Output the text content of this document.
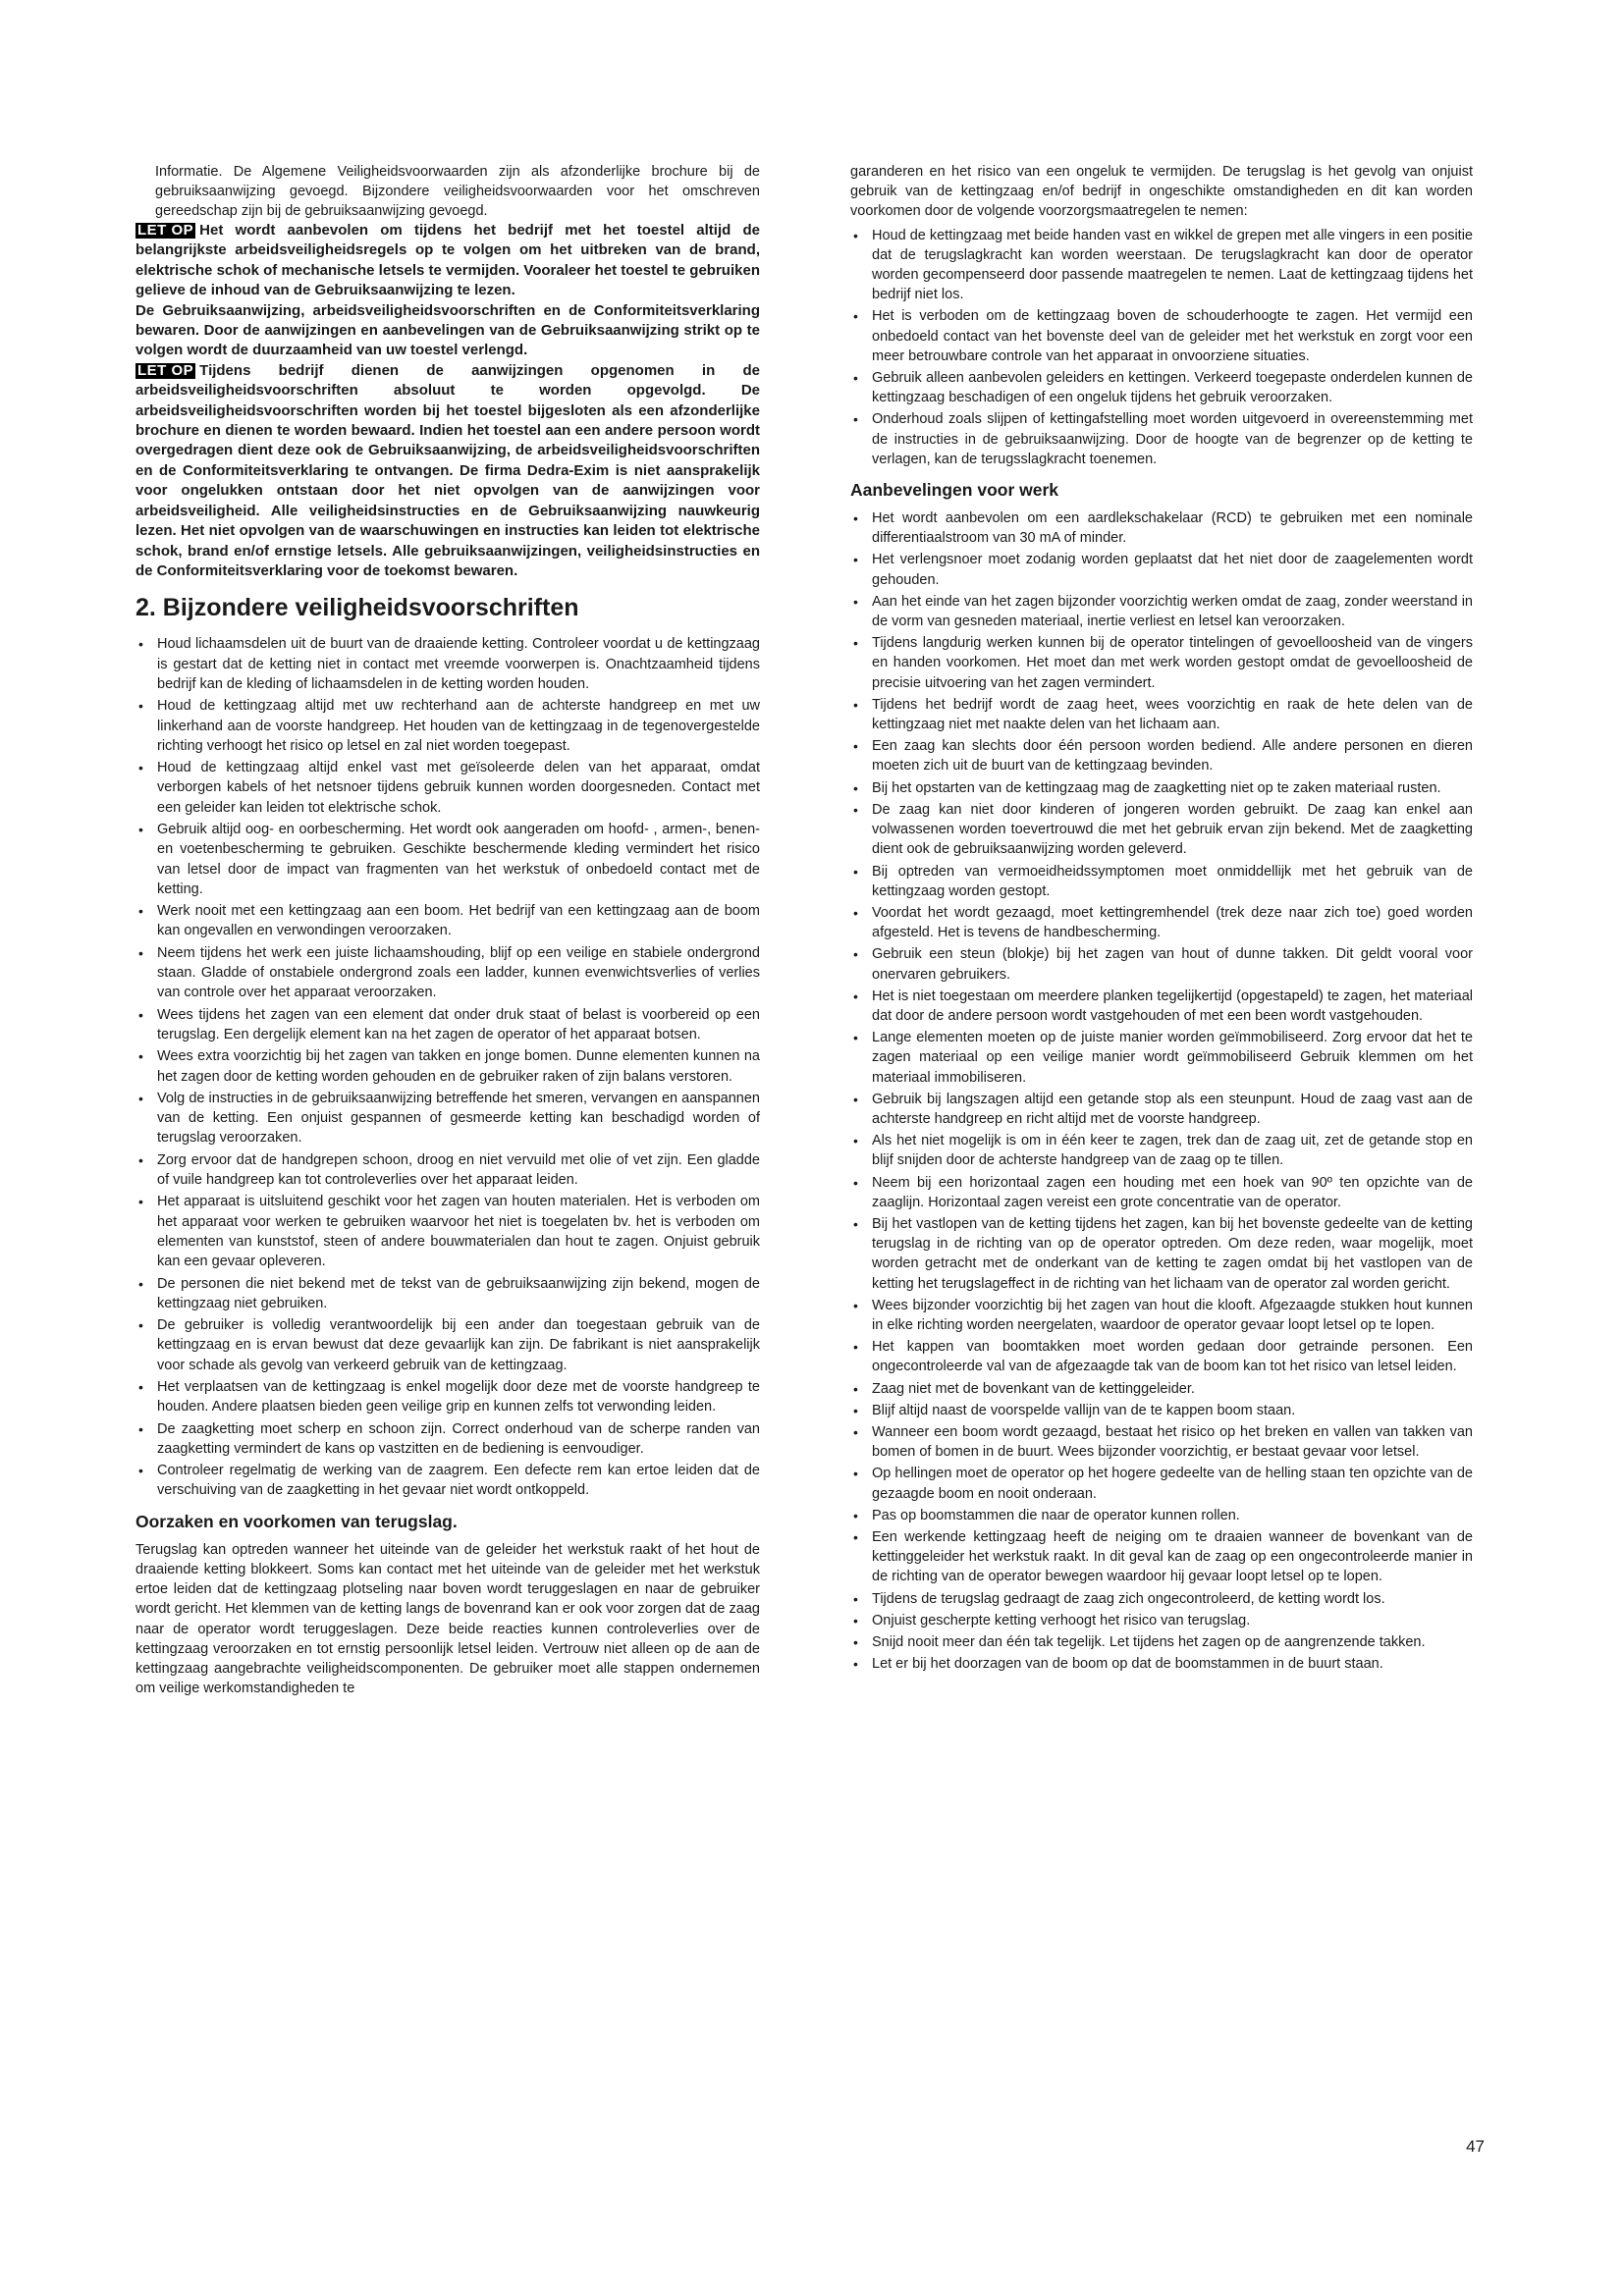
Informatie. De Algemene Veiligheidsvoorwaarden zijn als afzonderlijke brochure bij de gebruiksaanwijzing gevoegd. Bijzondere veiligheidsvoorwaarden voor het omschreven gereedschap zijn bij de gebruiksaanwijzing gevoegd.

LET OP Het wordt aanbevolen om tijdens het bedrijf met het toestel altijd de belangrijkste arbeidsveiligheidsregels op te volgen om het uitbreken van de brand, elektrische schok of mechanische letsels te vermijden. Vooraleer het toestel te gebruiken gelieve de inhoud van de Gebruiksaanwijzing te lezen.

De Gebruiksaanwijzing, arbeidsveiligheidsvoorschriften en de Conformiteitsverklaring bewaren. Door de aanwijzingen en aanbevelingen van de Gebruiksaanwijzing strikt op te volgen wordt de duurzaamheid van uw toestel verlengd.

LET OP Tijdens bedrijf dienen de aanwijzingen opgenomen in de arbeidsveiligheidsvoorschriften absoluut te worden opgevolgd. De arbeidsveiligheidsvoorschriften worden bij het toestel bijgesloten als een afzonderlijke brochure en dienen te worden bewaard. Indien het toestel aan een andere persoon wordt overgedragen dient deze ook de Gebruiksaanwijzing, de arbeidsveiligheidsvoorschriften en de Conformiteitsverklaring te ontvangen. De firma Dedra-Exim is niet aansprakelijk voor ongelukken ontstaan door het niet opvolgen van de aanwijzingen voor arbeidsveiligheid. Alle veiligheidsinstructies en de Gebruiksaanwijzing nauwkeurig lezen. Het niet opvolgen van de waarschuwingen en instructies kan leiden tot elektrische schok, brand en/of ernstige letsels. Alle gebruiksaanwijzingen, veiligheidsinstructies en de Conformiteitsverklaring voor de toekomst bewaren.

2. Bijzondere veiligheidsvoorschriften
• Houd lichaamsdelen uit de buurt van de draaiende ketting. Controleer voordat u de kettingzaag is gestart dat de ketting niet in contact met vreemde voorwerpen is. Onachtzaamheid tijdens bedrijf kan de kleding of lichaamsdelen in de ketting worden houden.
• Houd de kettingzaag altijd met uw rechterhand aan de achterste handgreep en met uw linkerhand aan de voorste handgreep. Het houden van de kettingzaag in de tegenovergestelde richting verhoogt het risico op letsel en zal niet worden toegepast.
• Houd de kettingzaag altijd enkel vast met geïsoleerde delen van het apparaat, omdat verborgen kabels of het netsnoer tijdens gebruik kunnen worden doorgesneden. Contact met een geleider kan leiden tot elektrische schok.
• Gebruik altijd oog- en oorbescherming. Het wordt ook aangeraden om hoofd- , armen-, benen- en voetenbescherming te gebruiken. Geschikte beschermende kleding vermindert het risico van letsel door de impact van fragmenten van het werkstuk of onbedoeld contact met de ketting.
• Werk nooit met een kettingzaag aan een boom. Het bedrijf van een kettingzaag aan de boom kan ongevallen en verwondingen veroorzaken.
• Neem tijdens het werk een juiste lichaamshouding, blijf op een veilige en stabiele ondergrond staan. Gladde of onstabiele ondergrond zoals een ladder, kunnen evenwichtsverlies of verlies van controle over het apparaat veroorzaken.
• Wees tijdens het zagen van een element dat onder druk staat of belast is voorbereid op een terugslag. Een dergelijk element kan na het zagen de operator of het apparaat botsen.
• Wees extra voorzichtig bij het zagen van takken en jonge bomen. Dunne elementen kunnen na het zagen door de ketting worden gehouden en de gebruiker raken of zijn balans verstoren.
• Volg de instructies in de gebruiksaanwijzing betreffende het smeren, vervangen en aanspannen van de ketting. Een onjuist gespannen of gesmeerde ketting kan beschadigd worden of terugslag veroorzaken.
• Zorg ervoor dat de handgrepen schoon, droog en niet vervuild met olie of vet zijn. Een gladde of vuile handgreep kan tot controleverlies over het apparaat leiden.
• Het apparaat is uitsluitend geschikt voor het zagen van houten materialen. Het is verboden om het apparaat voor werken te gebruiken waarvoor het niet is toegelaten bv. het is verboden om elementen van kunststof, steen of andere bouwmaterialen dan hout te zagen. Onjuist gebruik kan een gevaar opleveren.
• De personen die niet bekend met de tekst van de gebruiksaanwijzing zijn bekend, mogen de kettingzaag niet gebruiken.
• De gebruiker is volledig verantwoordelijk bij een ander dan toegestaan gebruik van de kettingzaag en is ervan bewust dat deze gevaarlijk kan zijn. De fabrikant is niet aansprakelijk voor schade als gevolg van verkeerd gebruik van de kettingzaag.
• Het verplaatsen van de kettingzaag is enkel mogelijk door deze met de voorste handgreep te houden. Andere plaatsen bieden geen veilige grip en kunnen zelfs tot verwonding leiden.
• De zaagketting moet scherp en schoon zijn. Correct onderhoud van de scherpe randen van zaagketting vermindert de kans op vastzitten en de bediening is eenvoudiger.
• Controleer regelmatig de werking van de zaagrem. Een defecte rem kan ertoe leiden dat de verschuiving van de zaagketting in het gevaar niet wordt ontkoppeld.
Oorzaken en voorkomen van terugslag.

Terugslag kan optreden wanneer het uiteinde van de geleider het werkstuk raakt of het hout de draaiende ketting blokkeert. Soms kan contact met het uiteinde van de geleider met het werkstuk ertoe leiden dat de kettingzaag plotseling naar boven wordt teruggeslagen en naar de gebruiker wordt gericht. Het klemmen van de ketting langs de bovenrand kan er ook voor zorgen dat de zaag naar de operator wordt teruggeslagen. Deze beide reacties kunnen controleverlies over de kettingzaag veroorzaken en tot ernstig persoonlijk letsel leiden. Vertrouw niet alleen op de aan de kettingzaag aangebrachte veiligheidscomponenten. De gebruiker moet alle stappen ondernemen om veilige werkomstandigheden te

garanderen en het risico van een ongeluk te vermijden. De terugslag is het gevolg van onjuist gebruik van de kettingzaag en/of bedrijf in ongeschikte omstandigheden en dit kan worden voorkomen door de volgende voorzorgsmaatregelen te nemen:

• Houd de kettingzaag met beide handen vast en wikkel de grepen met alle vingers in een positie dat de terugslagkracht kan worden weerstaan. De terugslagkracht kan door de operator worden gecompenseerd door passende maatregelen te nemen. Laat de kettingzaag tijdens het bedrijf niet los.
• Het is verboden om de kettingzaag boven de schouderhoogte te zagen. Het vermijd een onbedoeld contact van het bovenste deel van de geleider met het werkstuk en zorgt voor een meer betrouwbare controle van het apparaat in onvoorziene situaties.
• Gebruik alleen aanbevolen geleiders en kettingen. Verkeerd toegepaste onderdelen kunnen de kettingzaag beschadigen of een ongeluk tijdens het gebruik veroorzaken.
• Onderhoud zoals slijpen of kettingafstelling moet worden uitgevoerd in overeenstemming met de instructies in de gebruiksaanwijzing. Door de hoogte van de begrenzer op de ketting te verlagen, kan de terugsslagkracht toenemen.
Aanbevelingen voor werk
• Het wordt aanbevolen om een aardlekschakelaar (RCD) te gebruiken met een nominale differentiaalstroom van 30 mA of minder.
• Het verlengsnoer moet zodanig worden geplaatst dat het niet door de zaagelementen wordt gehouden.
• Aan het einde van het zagen bijzonder voorzichtig werken omdat de zaag, zonder weerstand in de vorm van gesneden materiaal, inertie verliest en letsel kan veroorzaken.
• Tijdens langdurig werken kunnen bij de operator tintelingen of gevoelloosheid van de vingers en handen voorkomen. Het moet dan met werk worden gestopt omdat de gevoelloosheid de precisie uitvoering van het zagen vermindert.
• Tijdens het bedrijf wordt de zaag heet, wees voorzichtig en raak de hete delen van de kettingzaag niet met naakte delen van het lichaam aan.
• Een zaag kan slechts door één persoon worden bediend. Alle andere personen en dieren moeten zich uit de buurt van de kettingzaag bevinden.
• Bij het opstarten van de kettingzaag mag de zaagketting niet op te zaken materiaal rusten.
• De zaag kan niet door kinderen of jongeren worden gebruikt. De zaag kan enkel aan volwassenen worden toevertrouwd die met het gebruik ervan zijn bekend. Met de zaagketting dient ook de gebruiksaanwijzing worden geleverd.
• Bij optreden van vermoeidheidssymptomen moet onmiddellijk met het gebruik van de kettingzaag worden gestopt.
• Voordat het wordt gezaagd, moet kettingremhendel (trek deze naar zich toe) goed worden afgesteld. Het is tevens de handbescherming.
• Gebruik een steun (blokje) bij het zagen van hout of dunne takken. Dit geldt vooral voor onervaren gebruikers.
• Het is niet toegestaan om meerdere planken tegelijkertijd (opgestapeld) te zagen, het materiaal dat door de andere persoon wordt vastgehouden of met een been wordt vastgehouden.
• Lange elementen moeten op de juiste manier worden geïmmobiliseerd. Zorg ervoor dat het te zagen materiaal op een veilige manier wordt geïmmobiliseerd Gebruik klemmen om het materiaal immobiliseren.
• Gebruik bij langszagen altijd een getande stop als een steunpunt. Houd de zaag vast aan de achterste handgreep en richt altijd met de voorste handgreep.
• Als het niet mogelijk is om in één keer te zagen, trek dan de zaag uit, zet de getande stop en blijf snijden door de achterste handgreep van de zaag op te tillen.
• Neem bij een horizontaal zagen een houding met een hoek van 90º ten opzichte van de zaaglijn. Horizontaal zagen vereist een grote concentratie van de operator.
• Bij het vastlopen van de ketting tijdens het zagen, kan bij het bovenste gedeelte van de ketting terugslag in de richting van op de operator optreden. Om deze reden, waar mogelijk, moet worden getracht met de onderkant van de ketting te zagen omdat bij het vastlopen van de ketting het terugslageffect in de richting van het lichaam van de operator zal worden gericht.
• Wees bijzonder voorzichtig bij het zagen van hout die klooft. Afgezaagde stukken hout kunnen in elke richting worden neergelaten, waardoor de operator gevaar loopt letsel op te lopen.
• Het kappen van boomtakken moet worden gedaan door getrainde personen. Een ongecontroleerde val van de afgezaagde tak van de boom kan tot het risico van letsel leiden.
• Zaag niet met de bovenkant van de kettinggeleider.
• Blijf altijd naast de voorspelde vallijn van de te kappen boom staan.
• Wanneer een boom wordt gezaagd, bestaat het risico op het breken en vallen van takken van bomen of bomen in de buurt. Wees bijzonder voorzichtig, er bestaat gevaar voor letsel.
• Op hellingen moet de operator op het hogere gedeelte van de helling staan ten opzichte van de gezaagde boom en nooit onderaan.
• Pas op boomstammen die naar de operator kunnen rollen.
• Een werkende kettingzaag heeft de neiging om te draaien wanneer de bovenkant van de kettinggeleider het werkstuk raakt. In dit geval kan de zaag op een ongecontroleerde manier in de richting van de operator bewegen waardoor hij gevaar loopt letsel op te lopen.
• Tijdens de terugslag gedraagt de zaag zich ongecontroleerd, de ketting wordt los.
• Onjuist gescherpte ketting verhoogt het risico van terugslag.
• Snijd nooit meer dan één tak tegelijk. Let tijdens het zagen op de aangrenzende takken.
• Let er bij het doorzagen van de boom op dat de boomstammen in de buurt staan.
47
